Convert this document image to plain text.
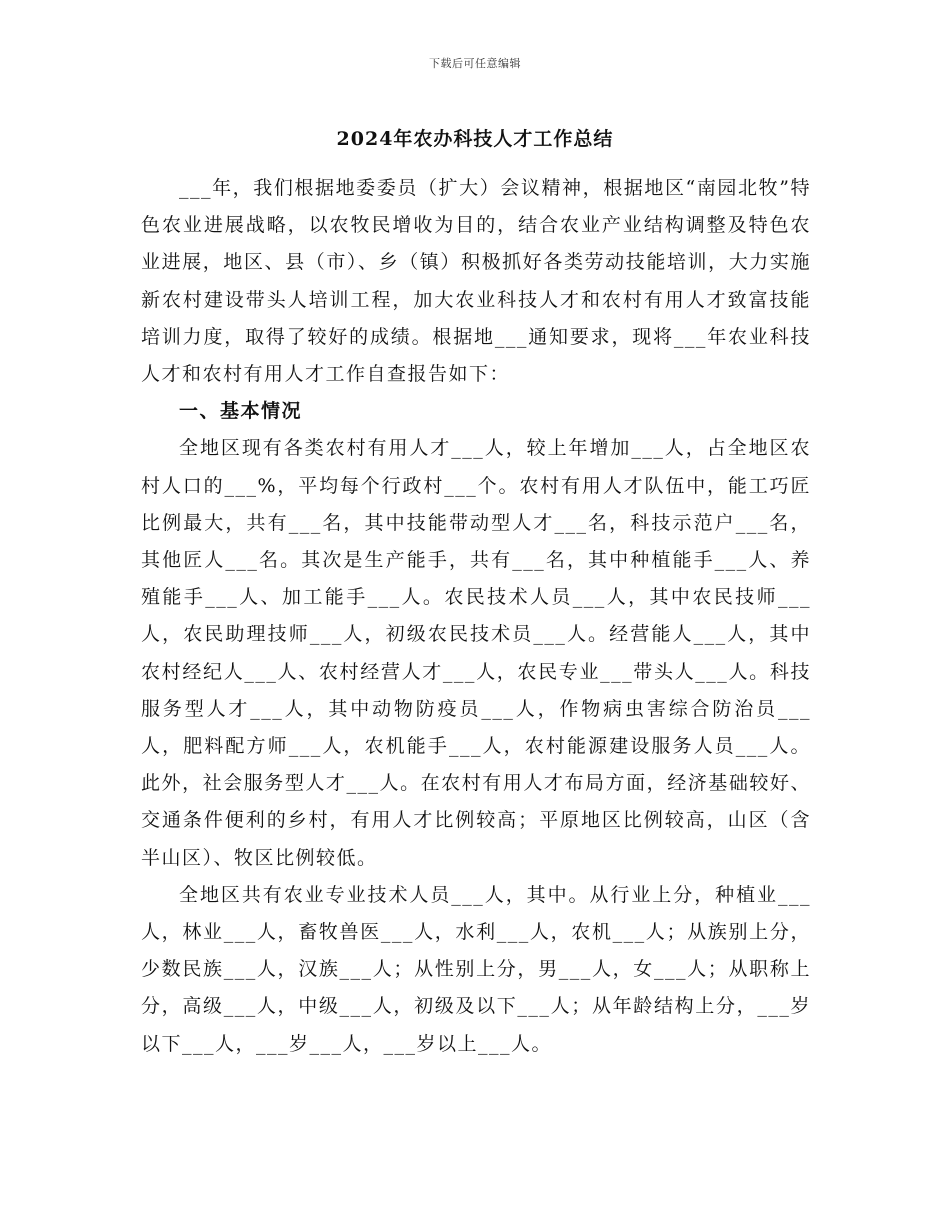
下载后可任意编辑
2024年农办科技人才工作总结

___年，我们根据地委委员（扩大）会议精神，根据地区“南园北牧”特色农业进展战略，以农牧民增收为目的，结合农业产业结构调整及特色农业进展，地区、县（市）、乡（镇）积极抓好各类劳动技能培训，大力实施新农村建设带头人培训工程，加大农业科技人才和农村有用人才致富技能培训力度，取得了较好的成绩。根据地___通知要求，现将___年农业科技人才和农村有用人才工作自查报告如下：

一、基本情况

全地区现有各类农村有用人才___人，较上年增加___人，占全地区农村人口的___%，平均每个行政村___个。农村有用人才队伍中，能工巧匠比例最大，共有___名，其中技能带动型人才___名，科技示范户___名，其他匠人___名。其次是生产能手，共有___名，其中种植能手___人、养殖能手___人、加工能手___人。农民技术人员___人，其中农民技师___人，农民助理技师___人，初级农民技术员___人。经营能人___人，其中农村经纪人___人、农村经营人才___人，农民专业___带头人___人。科技服务型人才___人，其中动物防疫员___人，作物病虫害综合防治员___人，肥料配方师___人，农机能手___人，农村能源建设服务人员___人。此外，社会服务型人才___人。在农村有用人才布局方面，经济基础较好、交通条件便利的乡村，有用人才比例较高；平原地区比例较高，山区（含半山区）、牧区比例较低。

全地区共有农业专业技术人员___人，其中。从行业上分，种植业___人，林业___人，畜牧兽医___人，水利___人，农机___人；从族别上分，少数民族___人，汉族___人；从性别上分，男___人，女___人；从职称上分，高级___人，中级___人，初级及以下___人；从年龄结构上分，___岁以下___人，___岁___人，___岁以上___人。
